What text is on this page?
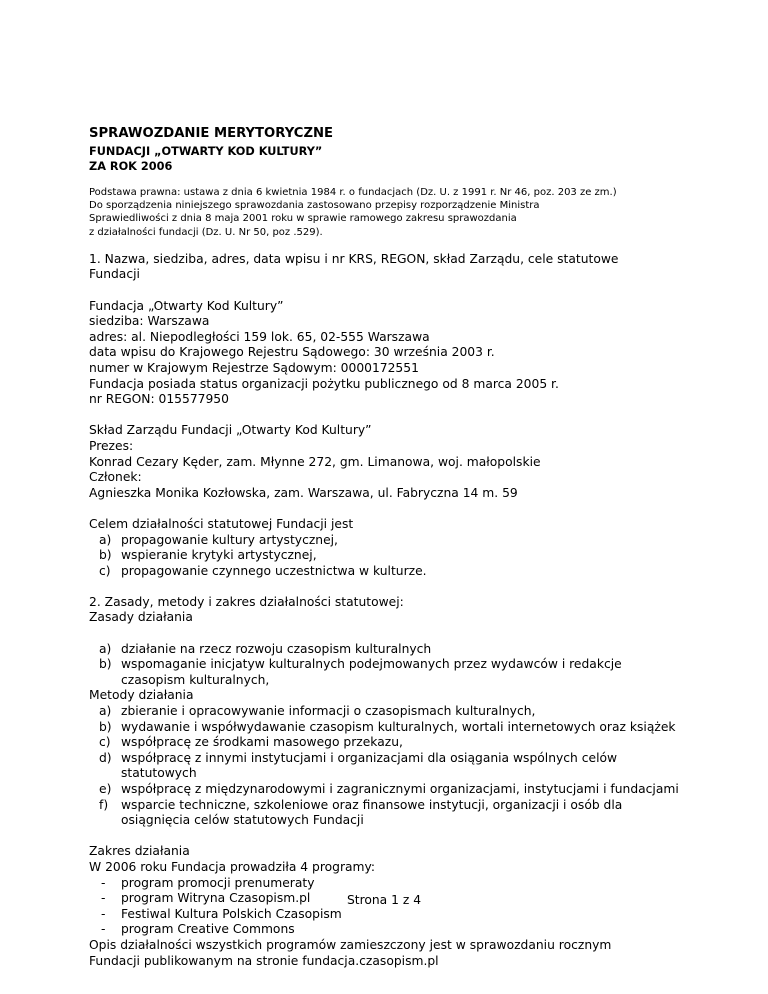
SPRAWOZDANIE MERYTORYCZNE

FUNDACJI „OTWARTY KOD KULTURY”

ZA ROK 2006

Podstawa prawna: ustawa z dnia 6 kwietnia 1984 r. o fundacjach (Dz. U. z 1991 r. Nr 46, poz. 203 ze zm.)

Do sporządzenia niniejszego sprawozdania zastosowano przepisy rozporządzenie Ministra

Sprawiedliwości z dnia 8 maja 2001 roku w sprawie ramowego zakresu sprawozdania

z działalności fundacji (Dz. U. Nr 50, poz .529).

1. Nazwa, siedziba, adres, data wpisu i nr KRS, REGON, skład Zarządu, cele statutowe

Fundacji

Fundacja „Otwarty Kod Kultury”

siedziba: Warszawa

adres: al. Niepodległości 159 lok. 65, 02-555 Warszawa

data wpisu do Krajowego Rejestru Sądowego: 30 września 2003 r.

numer w Krajowym Rejestrze Sądowym: 0000172551

Fundacja posiada status organizacji pożytku publicznego od 8 marca 2005 r.

nr REGON: 015577950

Skład Zarządu Fundacji „Otwarty Kod Kultury”

Prezes:

Konrad Cezary Kęder, zam. Młynne 272, gm. Limanowa, woj. małopolskie

Członek:

Agnieszka Monika Kozłowska, zam. Warszawa, ul. Fabryczna 14 m. 59

Celem działalności statutowej Fundacji jest

a) propagowanie kultury artystycznej,
b) wspieranie krytyki artystycznej,
c) propagowanie czynnego uczestnictwa w kulturze.

2. Zasady, metody i zakres działalności statutowej:

Zasady działania

a) działanie na rzecz rozwoju czasopism kulturalnych
b) wspomaganie inicjatyw kulturalnych podejmowanych przez wydawców i redakcje czasopism kulturalnych,

Metody działania

a) zbieranie i opracowywanie informacji o czasopismach kulturalnych,
b) wydawanie i współwydawanie czasopism kulturalnych, wortali internetowych oraz książek
c) współpracę ze środkami masowego przekazu,
d) współpracę z innymi instytucjami i organizacjami dla osiągania wspólnych celów statutowych
e) współpracę z międzynarodowymi i zagranicznymi organizacjami, instytucjami i fundacjami
f) wsparcie techniczne, szkoleniowe oraz finansowe instytucji, organizacji i osób dla osiągnięcia celów statutowych Fundacji

Zakres działania

W 2006 roku Fundacja prowadziła 4 programy:

- program promocji prenumeraty
- program Witryna Czasopism.pl
- Festiwal Kultura Polskich Czasopism
- program Creative Commons

Opis działalności wszystkich programów zamieszczony jest w sprawozdaniu rocznym

Fundacji publikowanym na stronie fundacja.czasopism.pl

Strona 1 z 4
